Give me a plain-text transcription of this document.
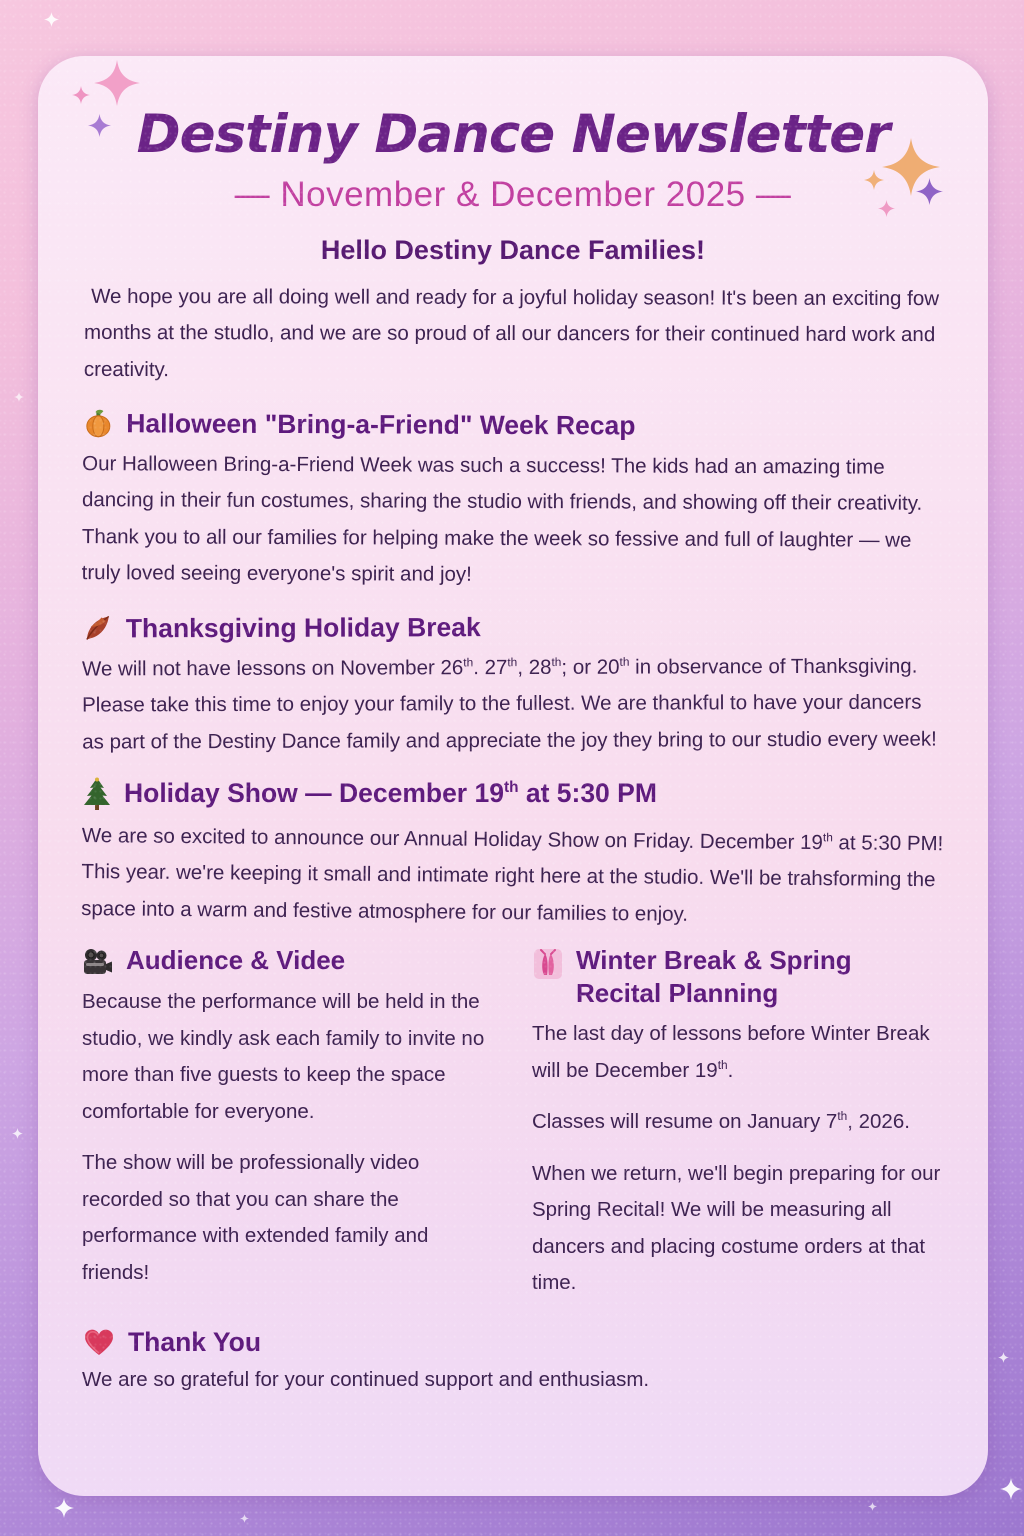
Destiny Dance Newsletter
— November & December 2025 —
Hello Destiny Dance Families!

We hope you are all doing well and ready for a joyful holiday season! It's been an exciting fow months at the studlo, and we are so proud of all our dancers for their continued hard work and creativity.

Halloween "Bring-a-Friend" Week Recap

Our Halloween Bring-a-Friend Week was such a success! The kids had an amazing time dancing in their fun costumes, sharing the studio with friends, and showing off their creativity. Thank you to all our families for helping make the week so fessive and full of laughter — we truly loved seeing everyone's spirit and joy!

Thanksgiving Holiday Break

We will not have lessons on November 26th. 27th, 28th; or 20th in observance of Thanksgiving. Please take this time to enjoy your family to the fullest. We are thankful to have your dancers as part of the Destiny Dance family and appreciate the joy they bring to our studio every week!

Holiday Show — December 19th at 5:30 PM

We are so excited to announce our Annual Holiday Show on Friday. December 19th at 5:30 PM! This year. we're keeping it small and intimate right here at the studio. We'll be trahsforming the space into a warm and festive atmosphere for our families to enjoy.

Audience & Videe

Because the performance will be held in the studio, we kindly ask each family to invite no more than five guests to keep the space comfortable for everyone.

The show will be professionally video recorded so that you can share the performance with extended family and friends!

Winter Break & Spring Recital Planning

The last day of lessons before Winter Break will be December 19th.

Classes will resume on January 7th, 2026.

When we return, we'll begin preparing for our Spring Recital! We will be measuring all dancers and placing costume orders at that time.

Thank You

We are so grateful for your continued support and enthusiasm.
